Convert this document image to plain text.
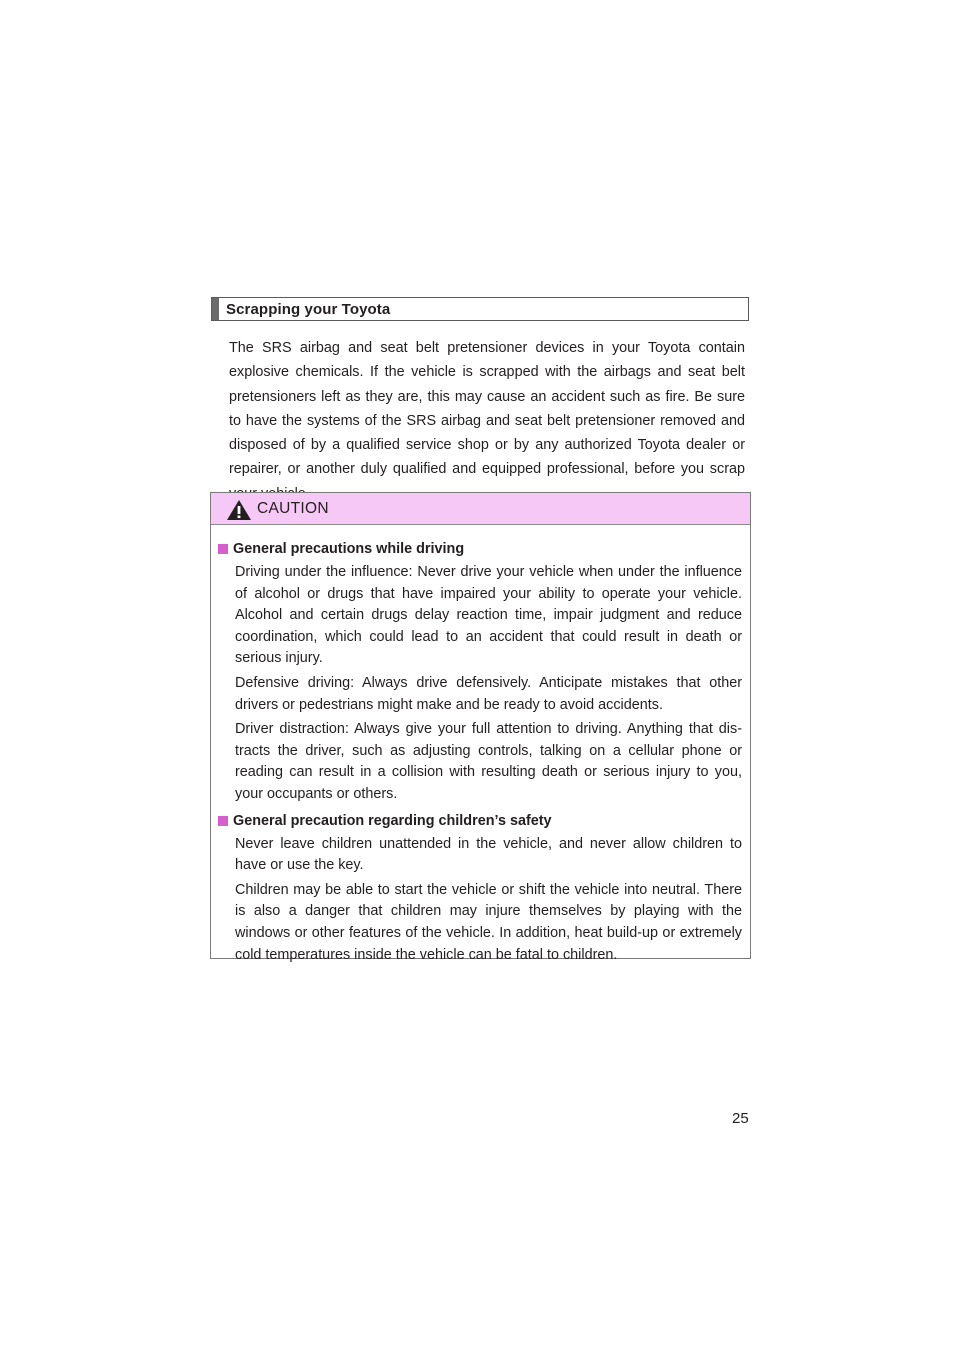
Scrapping your Toyota

The SRS airbag and seat belt pretensioner devices in your Toyota contain explosive chemicals. If the vehicle is scrapped with the airbags and seat belt pretensioners left as they are, this may cause an accident such as fire. Be sure to have the systems of the SRS airbag and seat belt pretensioner removed and disposed of by a qualified service shop or by any authorized Toyota dealer or repairer, or another duly qualified and equipped professional, before you scrap

CAUTION
General precautions while driving

Driving under the influence: Never drive your vehicle when under the influence of alcohol or drugs that have impaired your ability to operate your vehicle. Alcohol and certain drugs delay reaction time, impair judgment and reduce coordination, which could lead to an accident that could result in death or serious injury.

Defensive driving: Always drive defensively. Anticipate mistakes that other drivers or pedestrians might make and be ready to avoid accidents.

Driver distraction: Always give your full attention to driving. Anything that distracts the driver, such as adjusting controls, talking on a cellular phone or reading can result in a collision with resulting death or serious injury to you, your occupants or others.

General precaution regarding children’s safety

Never leave children unattended in the vehicle, and never allow children to have or use the key.

Children may be able to start the vehicle or shift the vehicle into neutral. There is also a danger that children may injure themselves by playing with the windows or other features of the vehicle. In addition, heat build-up or extremely cold temperatures inside the vehicle can be fatal to children.

25
